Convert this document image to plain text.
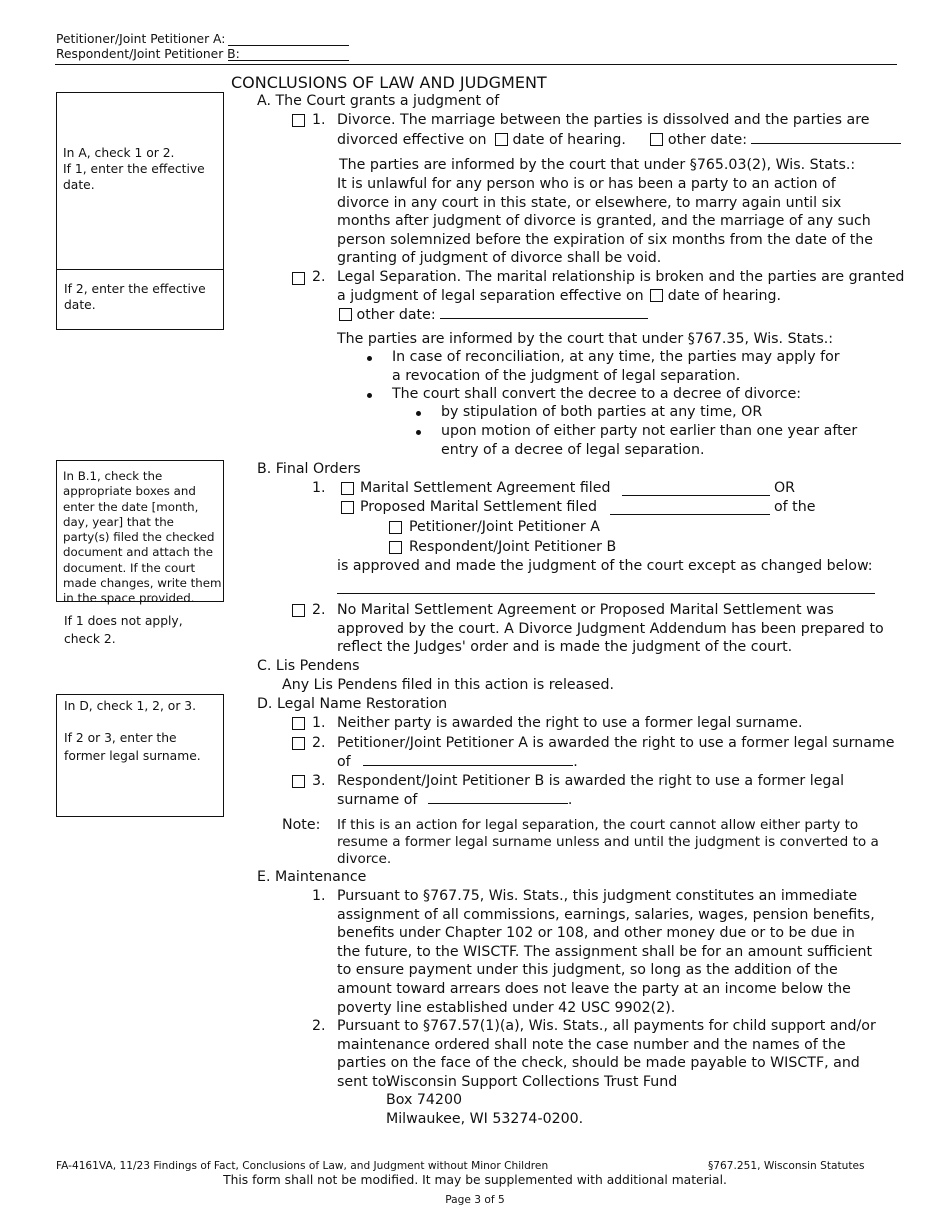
Petitioner/Joint Petitioner A:
Respondent/Joint Petitioner B:
CONCLUSIONS OF LAW AND JUDGMENT
In A, check 1 or 2.
If 1, enter the effective date.
If 2, enter the effective date.
In B.1, check the appropriate boxes and enter the date [month, day, year] that the party(s) filed the checked document and attach the document. If the court made changes, write them in the space provided.
If 1 does not apply, check 2.
In D, check 1, 2, or 3.
If 2 or 3, enter the former legal surname.
A. The Court grants a judgment of
1. Divorce. The marriage between the parties is dissolved and the parties are
divorced effective on date of hearing.	other date:
The parties are informed by the court that under §765.03(2), Wis. Stats.:
It is unlawful for any person who is or has been a party to an action of divorce in any court in this state, or elsewhere, to marry again until six months after judgment of divorce is granted, and the marriage of any such person solemnized before the expiration of six months from the date of the granting of judgment of divorce shall be void.
2. Legal Separation. The marital relationship is broken and the parties are granted
a judgment of legal separation effective on date of hearing.
other date:
The parties are informed by the court that under §767.35, Wis. Stats.:
In case of reconciliation, at any time, the parties may apply for a revocation of the judgment of legal separation.
The court shall convert the decree to a decree of divorce:
by stipulation of both parties at any time, OR
upon motion of either party not earlier than one year after entry of a decree of legal separation.
B. Final Orders
1. Marital Settlement Agreement filed	OR
Proposed Marital Settlement filed	of the
Petitioner/Joint Petitioner A
Respondent/Joint Petitioner B
is approved and made the judgment of the court except as changed below:
2. No Marital Settlement Agreement or Proposed Marital Settlement was approved by the court. A Divorce Judgment Addendum has been prepared to reflect the Judges' order and is made the judgment of the court.
C. Lis Pendens
Any Lis Pendens filed in this action is released.
D. Legal Name Restoration
1. Neither party is awarded the right to use a former legal surname.
2. Petitioner/Joint Petitioner A is awarded the right to use a former legal surname
of	.
3. Respondent/Joint Petitioner B is awarded the right to use a former legal
surname of	.
Note: If this is an action for legal separation, the court cannot allow either party to resume a former legal surname unless and until the judgment is converted to a divorce.
E. Maintenance
1. Pursuant to §767.75, Wis. Stats., this judgment constitutes an immediate assignment of all commissions, earnings, salaries, wages, pension benefits, benefits under Chapter 102 or 108, and other money due or to be due in the future, to the WISCTF. The assignment shall be for an amount sufficient to ensure payment under this judgment, so long as the addition of the amount toward arrears does not leave the party at an income below the poverty line established under 42 USC 9902(2).
2. Pursuant to §767.57(1)(a), Wis. Stats., all payments for child support and/or maintenance ordered shall note the case number and the names of the parties on the face of the check, should be made payable to WISCTF, and sent to:
Wisconsin Support Collections Trust Fund
Box 74200
Milwaukee, WI 53274-0200.
FA-4161VA, 11/23 Findings of Fact, Conclusions of Law, and Judgment without Minor Children	§767.251, Wisconsin Statutes
This form shall not be modified. It may be supplemented with additional material.
Page 3 of 5
